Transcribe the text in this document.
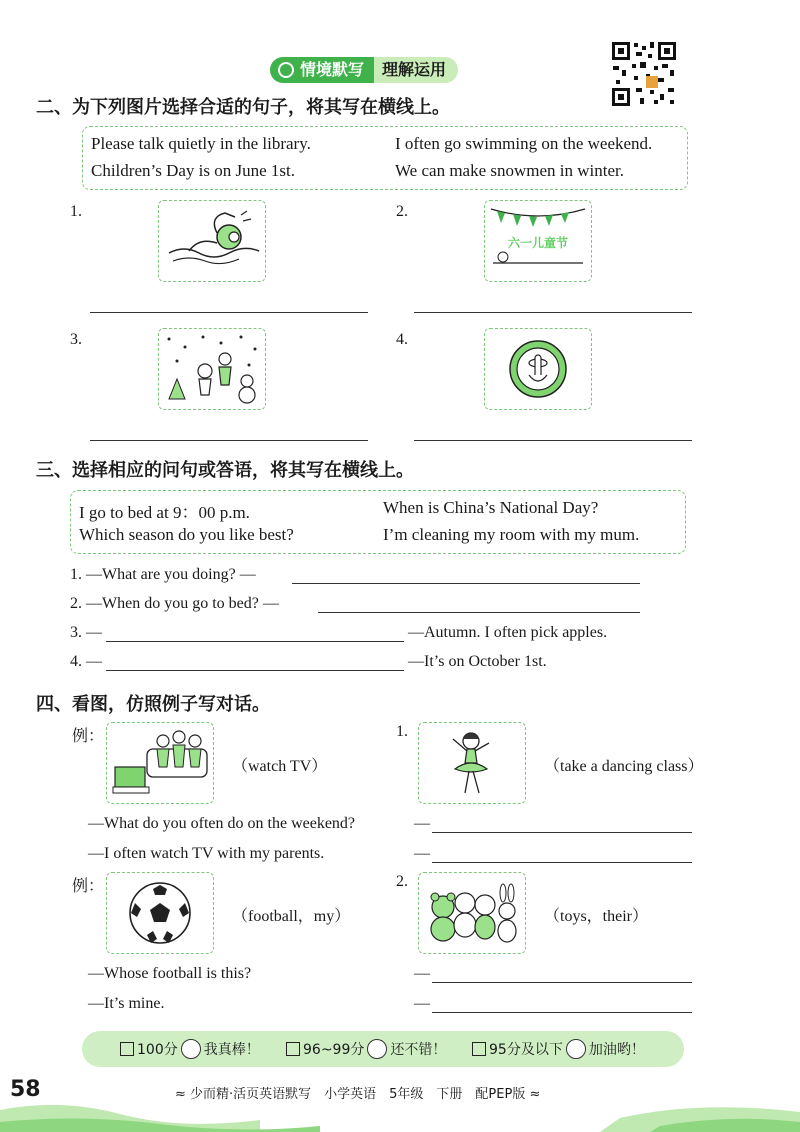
情境默写	理解运用
二、为下列图片选择合适的句子，将其写在横线上。
Please talk quietly in the library.	I often go swimming on the weekend.
Children’s Day is on June 1st.	We can make snowmen in winter.
1.	2.
六一儿童节
3.	4.
三、选择相应的问句或答语，将其写在横线上。
I go to bed at 9：00 p.m.	When is China’s National Day?
Which season do you like best?	I’m cleaning my room with my mum.
1. —What are you doing? —
2. —When do you go to bed? —
3. —	—Autumn. I often pick apples.
4. —	—It’s on October 1st.
四、看图，仿照例子写对话。
例：
（watch TV）
1.
（take a dancing class）
—What do you often do on the weekend?	—
—I often watch TV with my parents.	—
例：
（football，my）
2.
（toys，their）
—Whose football is this?	—
—It’s mine.	—
100分 我真棒！	96~99分 还不错！	95分及以下 加油哟！
58	≈ 少而精·活页英语默写　小学英语　5年级　下册　配PEP版 ≈
